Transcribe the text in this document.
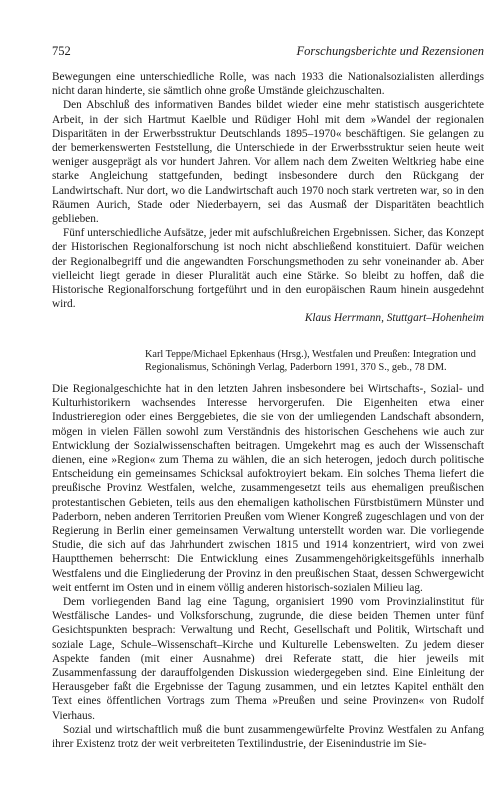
752	Forschungsberichte und Rezensionen

Bewegungen eine unterschiedliche Rolle, was nach 1933 die Nationalsozialisten allerdings nicht daran hinderte, sie sämtlich ohne große Umstände gleichzuschalten.

Den Abschluß des informativen Bandes bildet wieder eine mehr statistisch ausgerichtete Arbeit, in der sich Hartmut Kaelble und Rüdiger Hohl mit dem »Wandel der regionalen Disparitäten in der Erwerbsstruktur Deutschlands 1895–1970« beschäftigen. Sie gelangen zu der bemerkenswerten Feststellung, die Unterschiede in der Erwerbsstruktur seien heute weit weniger ausgeprägt als vor hundert Jahren. Vor allem nach dem Zweiten Weltkrieg habe eine starke Angleichung stattgefunden, bedingt insbesondere durch den Rückgang der Landwirtschaft. Nur dort, wo die Landwirtschaft auch 1970 noch stark vertreten war, so in den Räumen Aurich, Stade oder Niederbayern, sei das Ausmaß der Disparitäten beachtlich geblieben.

Fünf unterschiedliche Aufsätze, jeder mit aufschlußreichen Ergebnissen. Sicher, das Konzept der Historischen Regionalforschung ist noch nicht abschließend konstituiert. Dafür weichen der Regionalbegriff und die angewandten Forschungsmethoden zu sehr voneinander ab. Aber vielleicht liegt gerade in dieser Pluralität auch eine Stärke. So bleibt zu hoffen, daß die Historische Regionalforschung fortgeführt und in den europäischen Raum hinein ausgedehnt wird.

Klaus Herrmann, Stuttgart–Hohenheim
Karl Teppe/Michael Epkenhaus (Hrsg.), Westfalen und Preußen: Integration und Regionalismus, Schöningh Verlag, Paderborn 1991, 370 S., geb., 78 DM.

Die Regionalgeschichte hat in den letzten Jahren insbesondere bei Wirtschafts-, Sozial- und Kulturhistorikern wachsendes Interesse hervorgerufen. Die Eigenheiten etwa einer Industrieregion oder eines Berggebietes, die sie von der umliegenden Landschaft absondern, mögen in vielen Fällen sowohl zum Verständnis des historischen Geschehens wie auch zur Entwicklung der Sozialwissenschaften beitragen. Umgekehrt mag es auch der Wissenschaft dienen, eine »Region« zum Thema zu wählen, die an sich heterogen, jedoch durch politische Entscheidung ein gemeinsames Schicksal aufoktroyiert bekam. Ein solches Thema liefert die preußische Provinz Westfalen, welche, zusammengesetzt teils aus ehemaligen preußischen protestantischen Gebieten, teils aus den ehemaligen katholischen Fürstbistümern Münster und Paderborn, neben anderen Territorien Preußen vom Wiener Kongreß zugeschlagen und von der Regierung in Berlin einer gemeinsamen Verwaltung unterstellt worden war. Die vorliegende Studie, die sich auf das Jahrhundert zwischen 1815 und 1914 konzentriert, wird von zwei Hauptthemen beherrscht: Die Entwicklung eines Zusammengehörigkeitsgefühls innerhalb Westfalens und die Eingliederung der Provinz in den preußischen Staat, dessen Schwergewicht weit entfernt im Osten und in einem völlig anderen historisch-sozialen Milieu lag.

Dem vorliegenden Band lag eine Tagung, organisiert 1990 vom Provinzialinstitut für Westfälische Landes- und Volksforschung, zugrunde, die diese beiden Themen unter fünf Gesichtspunkten besprach: Verwaltung und Recht, Gesellschaft und Politik, Wirtschaft und soziale Lage, Schule–Wissenschaft–Kirche und Kulturelle Lebenswelten. Zu jedem dieser Aspekte fanden (mit einer Ausnahme) drei Referate statt, die hier jeweils mit Zusammenfassung der darauffolgenden Diskussion wiedergegeben sind. Eine Einleitung der Herausgeber faßt die Ergebnisse der Tagung zusammen, und ein letztes Kapitel enthält den Text eines öffentlichen Vortrags zum Thema »Preußen und seine Provinzen« von Rudolf Vierhaus.

Sozial und wirtschaftlich muß die bunt zusammengewürfelte Provinz Westfalen zu Anfang ihrer Existenz trotz der weit verbreiteten Textilindustrie, der Eisenindustrie im Sie-
